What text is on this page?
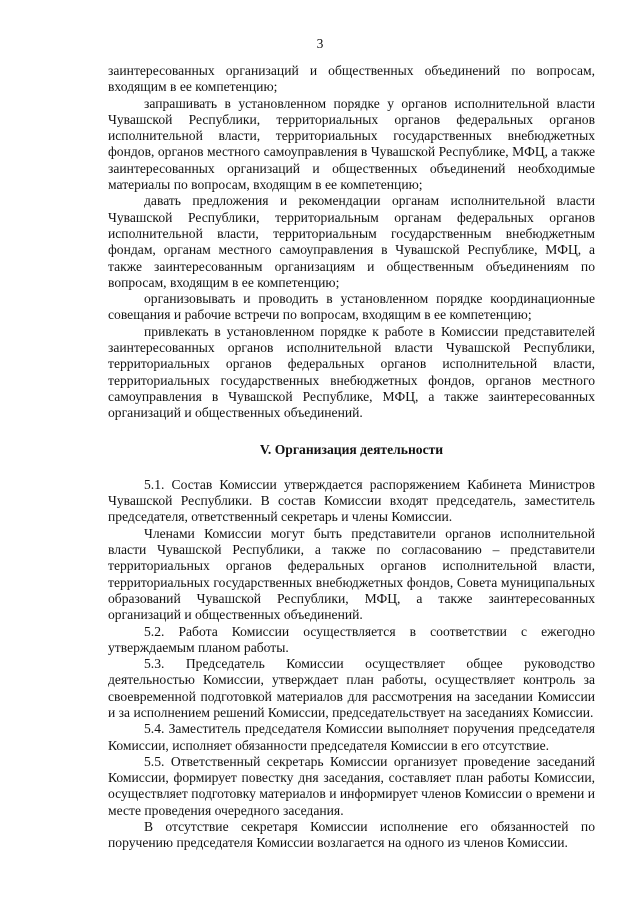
3

заинтересованных организаций и общественных объединений по вопросам, входящим в ее компетенцию;

запрашивать в установленном порядке у органов исполнительной власти Чувашской Республики, территориальных органов федеральных органов исполнительной власти, территориальных государственных внебюджетных фондов, органов местного самоуправления в Чувашской Республике, МФЦ, а также заинтересованных организаций и общественных объединений необходимые материалы по вопросам, входящим в ее компетенцию;

давать предложения и рекомендации органам исполнительной власти Чувашской Республики, территориальным органам федеральных органов исполнительной власти, территориальным государственным внебюджетным фондам, органам местного самоуправления в Чувашской Республике, МФЦ, а также заинтересованным организациям и общественным объединениям по вопросам, входящим в ее компетенцию;

организовывать и проводить в установленном порядке координационные совещания и рабочие встречи по вопросам, входящим в ее компетенцию;

привлекать в установленном порядке к работе в Комиссии представителей заинтересованных органов исполнительной власти Чувашской Республики, территориальных органов федеральных органов исполнительной власти, территориальных государственных внебюджетных фондов, органов местного самоуправления в Чувашской Республике, МФЦ, а также заинтересованных организаций и общественных объединений.

V. Организация деятельности

5.1. Состав Комиссии утверждается распоряжением Кабинета Министров Чувашской Республики. В состав Комиссии входят председатель, заместитель председателя, ответственный секретарь и члены Комиссии.

Членами Комиссии могут быть представители органов исполнительной власти Чувашской Республики, а также по согласованию – представители территориальных органов федеральных органов исполнительной власти, территориальных государственных внебюджетных фондов, Совета муниципальных образований Чувашской Республики, МФЦ, а также заинтересованных организаций и общественных объединений.

5.2. Работа Комиссии осуществляется в соответствии с ежегодно утверждаемым планом работы.

5.3. Председатель Комиссии осуществляет общее руководство деятельностью Комиссии, утверждает план работы, осуществляет контроль за своевременной подготовкой материалов для рассмотрения на заседании Комиссии и за исполнением решений Комиссии, председательствует на заседаниях Комиссии.

5.4. Заместитель председателя Комиссии выполняет поручения председателя Комиссии, исполняет обязанности председателя Комиссии в его отсутствие.

5.5. Ответственный секретарь Комиссии организует проведение заседаний Комиссии, формирует повестку дня заседания, составляет план работы Комиссии, осуществляет подготовку материалов и информирует членов Комиссии о времени и месте проведения очередного заседания.

В отсутствие секретаря Комиссии исполнение его обязанностей по поручению председателя Комиссии возлагается на одного из членов Комиссии.
